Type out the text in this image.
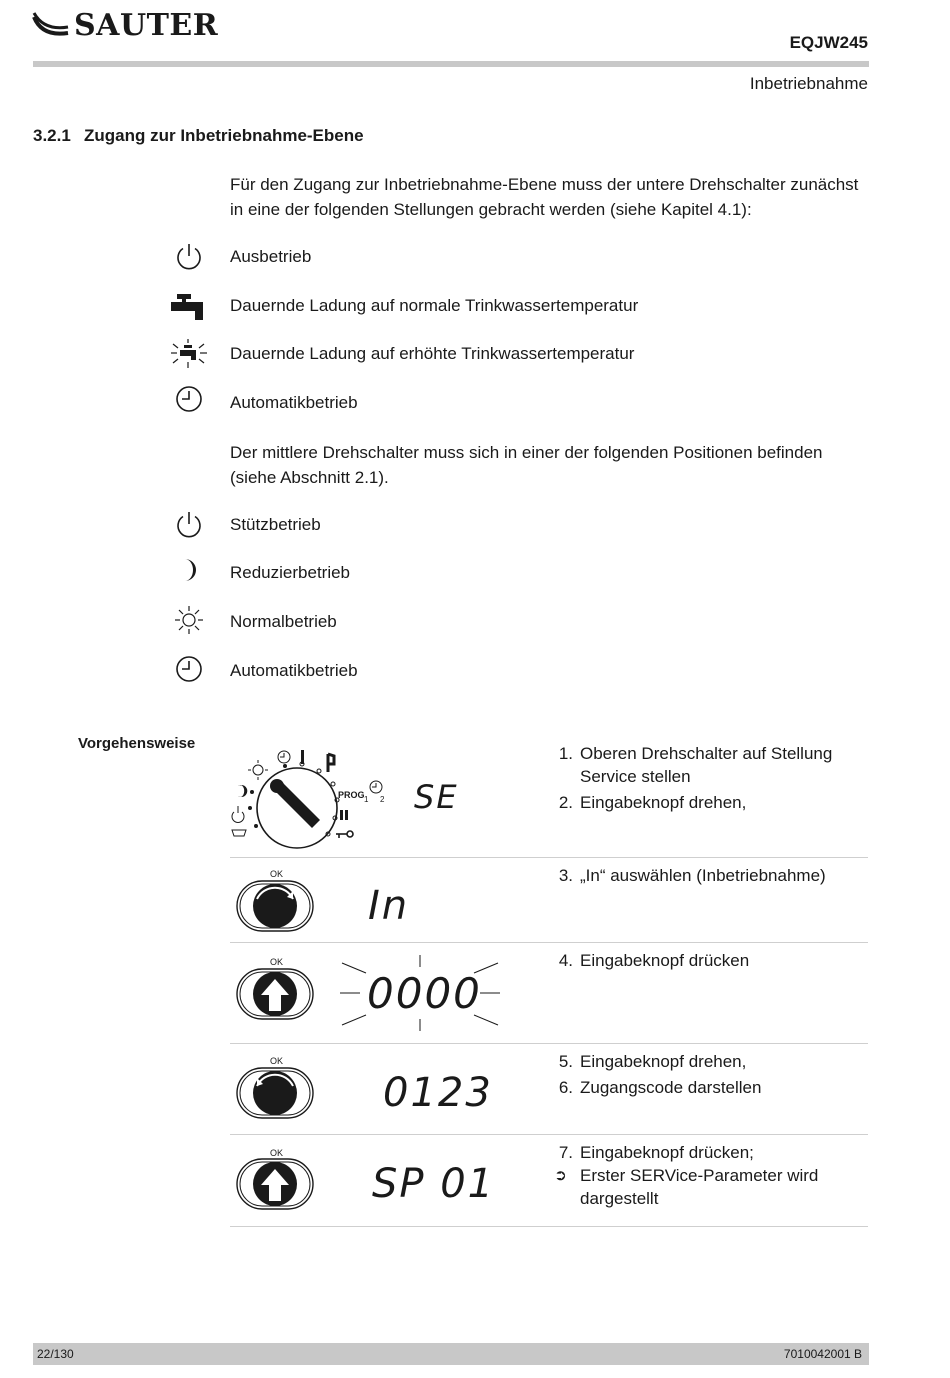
SAUTER	EQJW245
Inbetriebnahme
3.2.1 Zugang zur Inbetriebnahme-Ebene
Für den Zugang zur Inbetriebnahme-Ebene muss der untere Drehschalter zunächst in eine der folgenden Stellungen gebracht werden (siehe Kapitel 4.1):
Ausbetrieb
Dauernde Ladung auf normale Trinkwassertemperatur
Dauernde Ladung auf erhöhte Trinkwassertemperatur
Automatikbetrieb
Der mittlere Drehschalter muss sich in einer der folgenden Positionen befinden (siehe Abschnitt 2.1).
Stützbetrieb
Reduzierbetrieb
Normalbetrieb
Automatikbetrieb
Vorgehensweise
PROG 1 2 SE
1. Oberen Drehschalter auf Stellung Service stellen
2. Eingabeknopf drehen,
OK
In
3. „In“ auswählen (Inbetriebnahme)
OK
0000
4. Eingabeknopf drücken
OK
0123
5. Eingabeknopf drehen,
6. Zugangscode darstellen
OK
SP 01
7. Eingabeknopf drücken;
➲ Erster SERVice-Parameter wird dargestellt
22/130	7010042001 B
